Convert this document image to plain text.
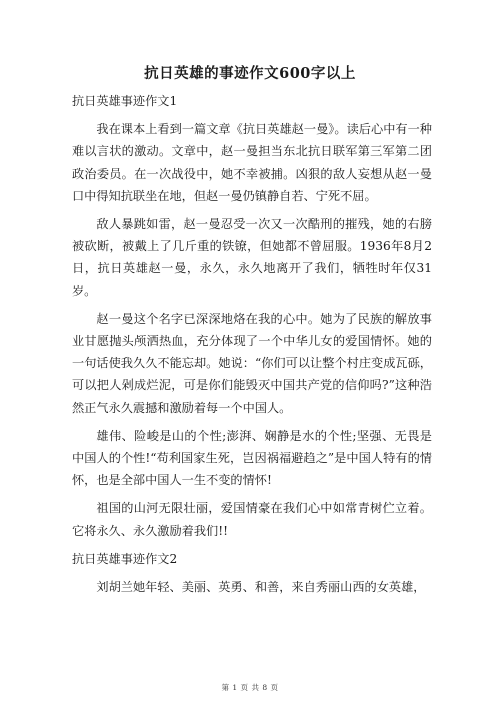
抗日英雄的事迹作文600字以上
抗日英雄事迹作文1

我在课本上看到一篇文章《抗日英雄赵一曼》。读后心中有一种难以言状的激动。文章中，赵一曼担当东北抗日联军第三军第二团政治委员。在一次战役中，她不幸被捕。凶狠的敌人妄想从赵一曼口中得知抗联坐在地，但赵一曼仍镇静自若、宁死不屈。

敌人暴跳如雷，赵一曼忍受一次又一次酷刑的摧残，她的右膀被砍断，被戴上了几斤重的铁镣，但她都不曾屈服。1936年8月2日，抗日英雄赵一曼，永久，永久地离开了我们，牺牲时年仅31岁。

赵一曼这个名字已深深地烙在我的心中。她为了民族的解放事业甘愿抛头颅洒热血，充分体现了一个中华儿女的爱国情怀。她的一句话使我久久不能忘却。她说：“你们可以让整个村庄变成瓦砾，可以把人剁成烂泥，可是你们能毁灭中国共产党的信仰吗?”这种浩然正气永久震撼和激励着每一个中国人。

雄伟、险峻是山的个性;澎湃、娴静是水的个性;坚强、无畏是中国人的个性!“苟利国家生死，岂因祸福避趋之”是中国人特有的情怀，也是全部中国人一生不变的情怀!

祖国的山河无限壮丽，爱国情豪在我们心中如常青树伫立着。它将永久、永久激励着我们!!

抗日英雄事迹作文2

刘胡兰她年轻、美丽、英勇、和善，来自秀丽山西的女英雄，

第 1 页 共 8 页
